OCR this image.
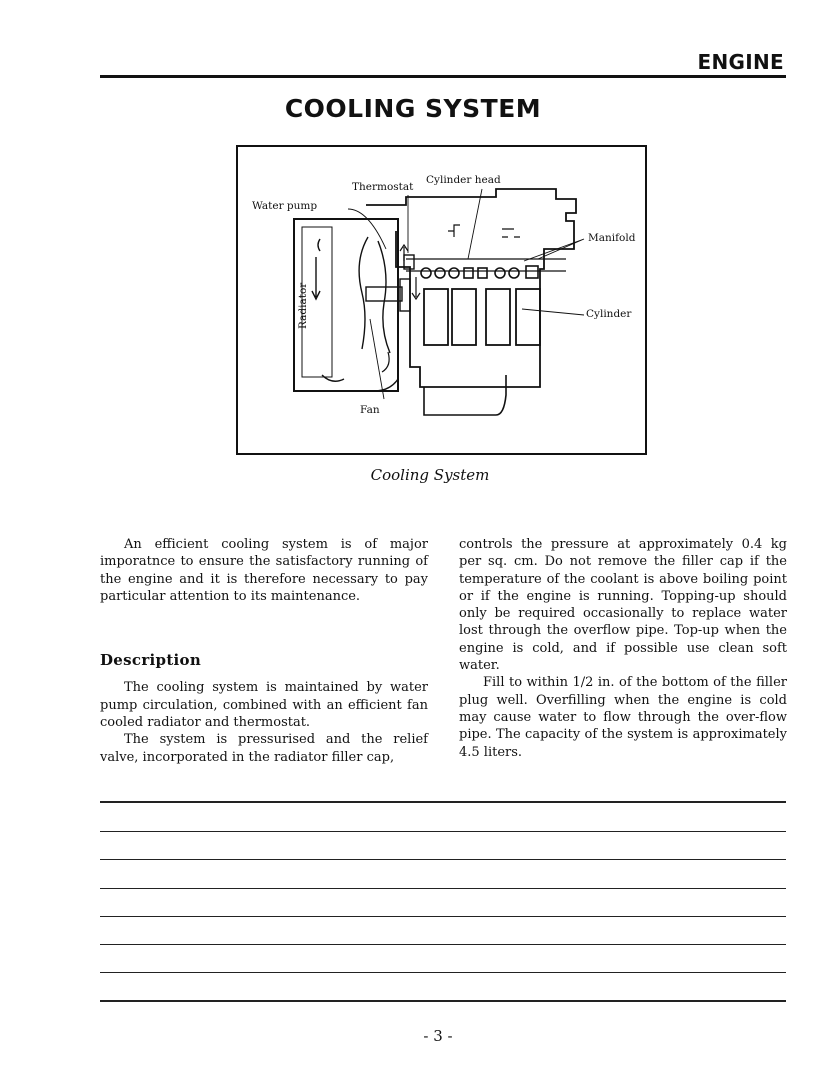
ENGINE
COOLING SYSTEM
Thermostat
Cylinder head
Water pump
Manifold
Cylinder
Fan
Radiator
Cooling System

An efficient cooling system is of major imporatnce to ensure the satisfactory running of the engine and it is therefore necessary to pay particular attention to its maintenance.

Description

The cooling system is maintained by water pump circulation, combined with an efficient fan cooled radiator and thermostat.

The system is pressurised and the relief valve, incorporated in the radiator filler cap,

controls the pressure at approximately 0.4 kg per sq. cm. Do not remove the filler cap if the temperature of the coolant is above boiling point or if the engine is running. Topping-up should only be required occasionally to replace water lost through the overflow pipe. Top-up when the engine is cold, and if possible use clean soft water.

Fill to within 1/2 in. of the bottom of the filler plug well. Overfilling when the engine is cold may cause water to flow through the over-flow pipe. The capacity of the system is approximately 4.5 liters.

- 3 -
